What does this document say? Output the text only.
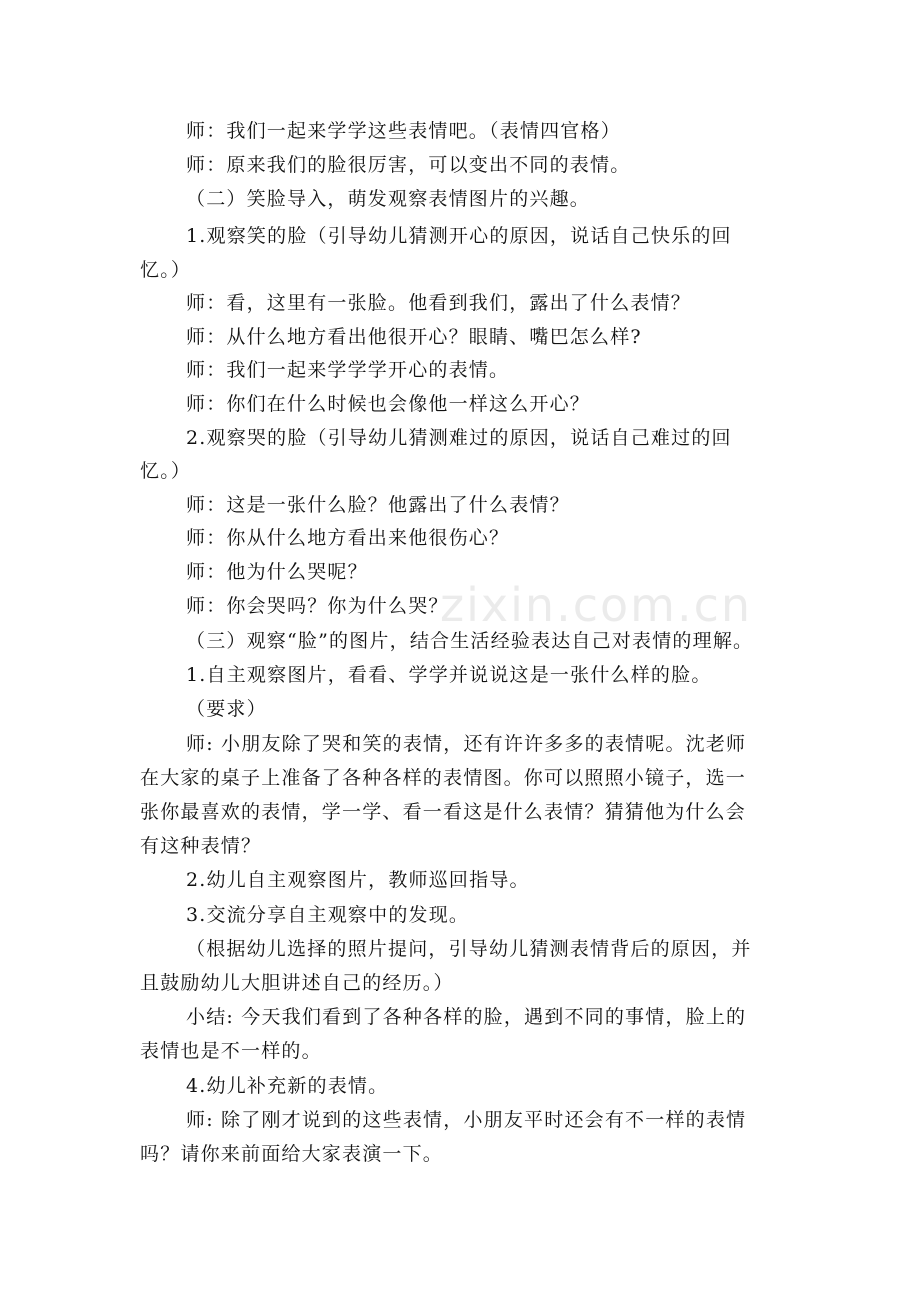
zixin.com.cn
师：我们一起来学学这些表情吧。（表情四官格）
师：原来我们的脸很厉害，可以变出不同的表情。
（二）笑脸导入，萌发观察表情图片的兴趣。
1.观察笑的脸（引导幼儿猜测开心的原因，说话自己快乐的回
忆。）
师：看，这里有一张脸。他看到我们，露出了什么表情？
师：从什么地方看出他很开心？眼睛、嘴巴怎么样?
师：我们一起来学学学开心的表情。
师：你们在什么时候也会像他一样这么开心？
2.观察哭的脸（引导幼儿猜测难过的原因，说话自己难过的回
忆。）
师：这是一张什么脸？他露出了什么表情？
师：你从什么地方看出来他很伤心？
师：他为什么哭呢？
师：你会哭吗？你为什么哭？
（三）观察“脸”的图片，结合生活经验表达自己对表情的理解。
1.自主观察图片，看看、学学并说说这是一张什么样的脸。
（要求）
师: 小朋友除了哭和笑的表情，还有许许多多的表情呢。沈老师
在大家的桌子上准备了各种各样的表情图。你可以照照小镜子，选一
张你最喜欢的表情，学一学、看一看这是什么表情？猜猜他为什么会
有这种表情？
2.幼儿自主观察图片，教师巡回指导。
3.交流分享自主观察中的发现。
（根据幼儿选择的照片提问，引导幼儿猜测表情背后的原因，并
且鼓励幼儿大胆讲述自己的经历。）
小结: 今天我们看到了各种各样的脸，遇到不同的事情，脸上的
表情也是不一样的。
4.幼儿补充新的表情。
师: 除了刚才说到的这些表情，小朋友平时还会有不一样的表情
吗？请你来前面给大家表演一下。
